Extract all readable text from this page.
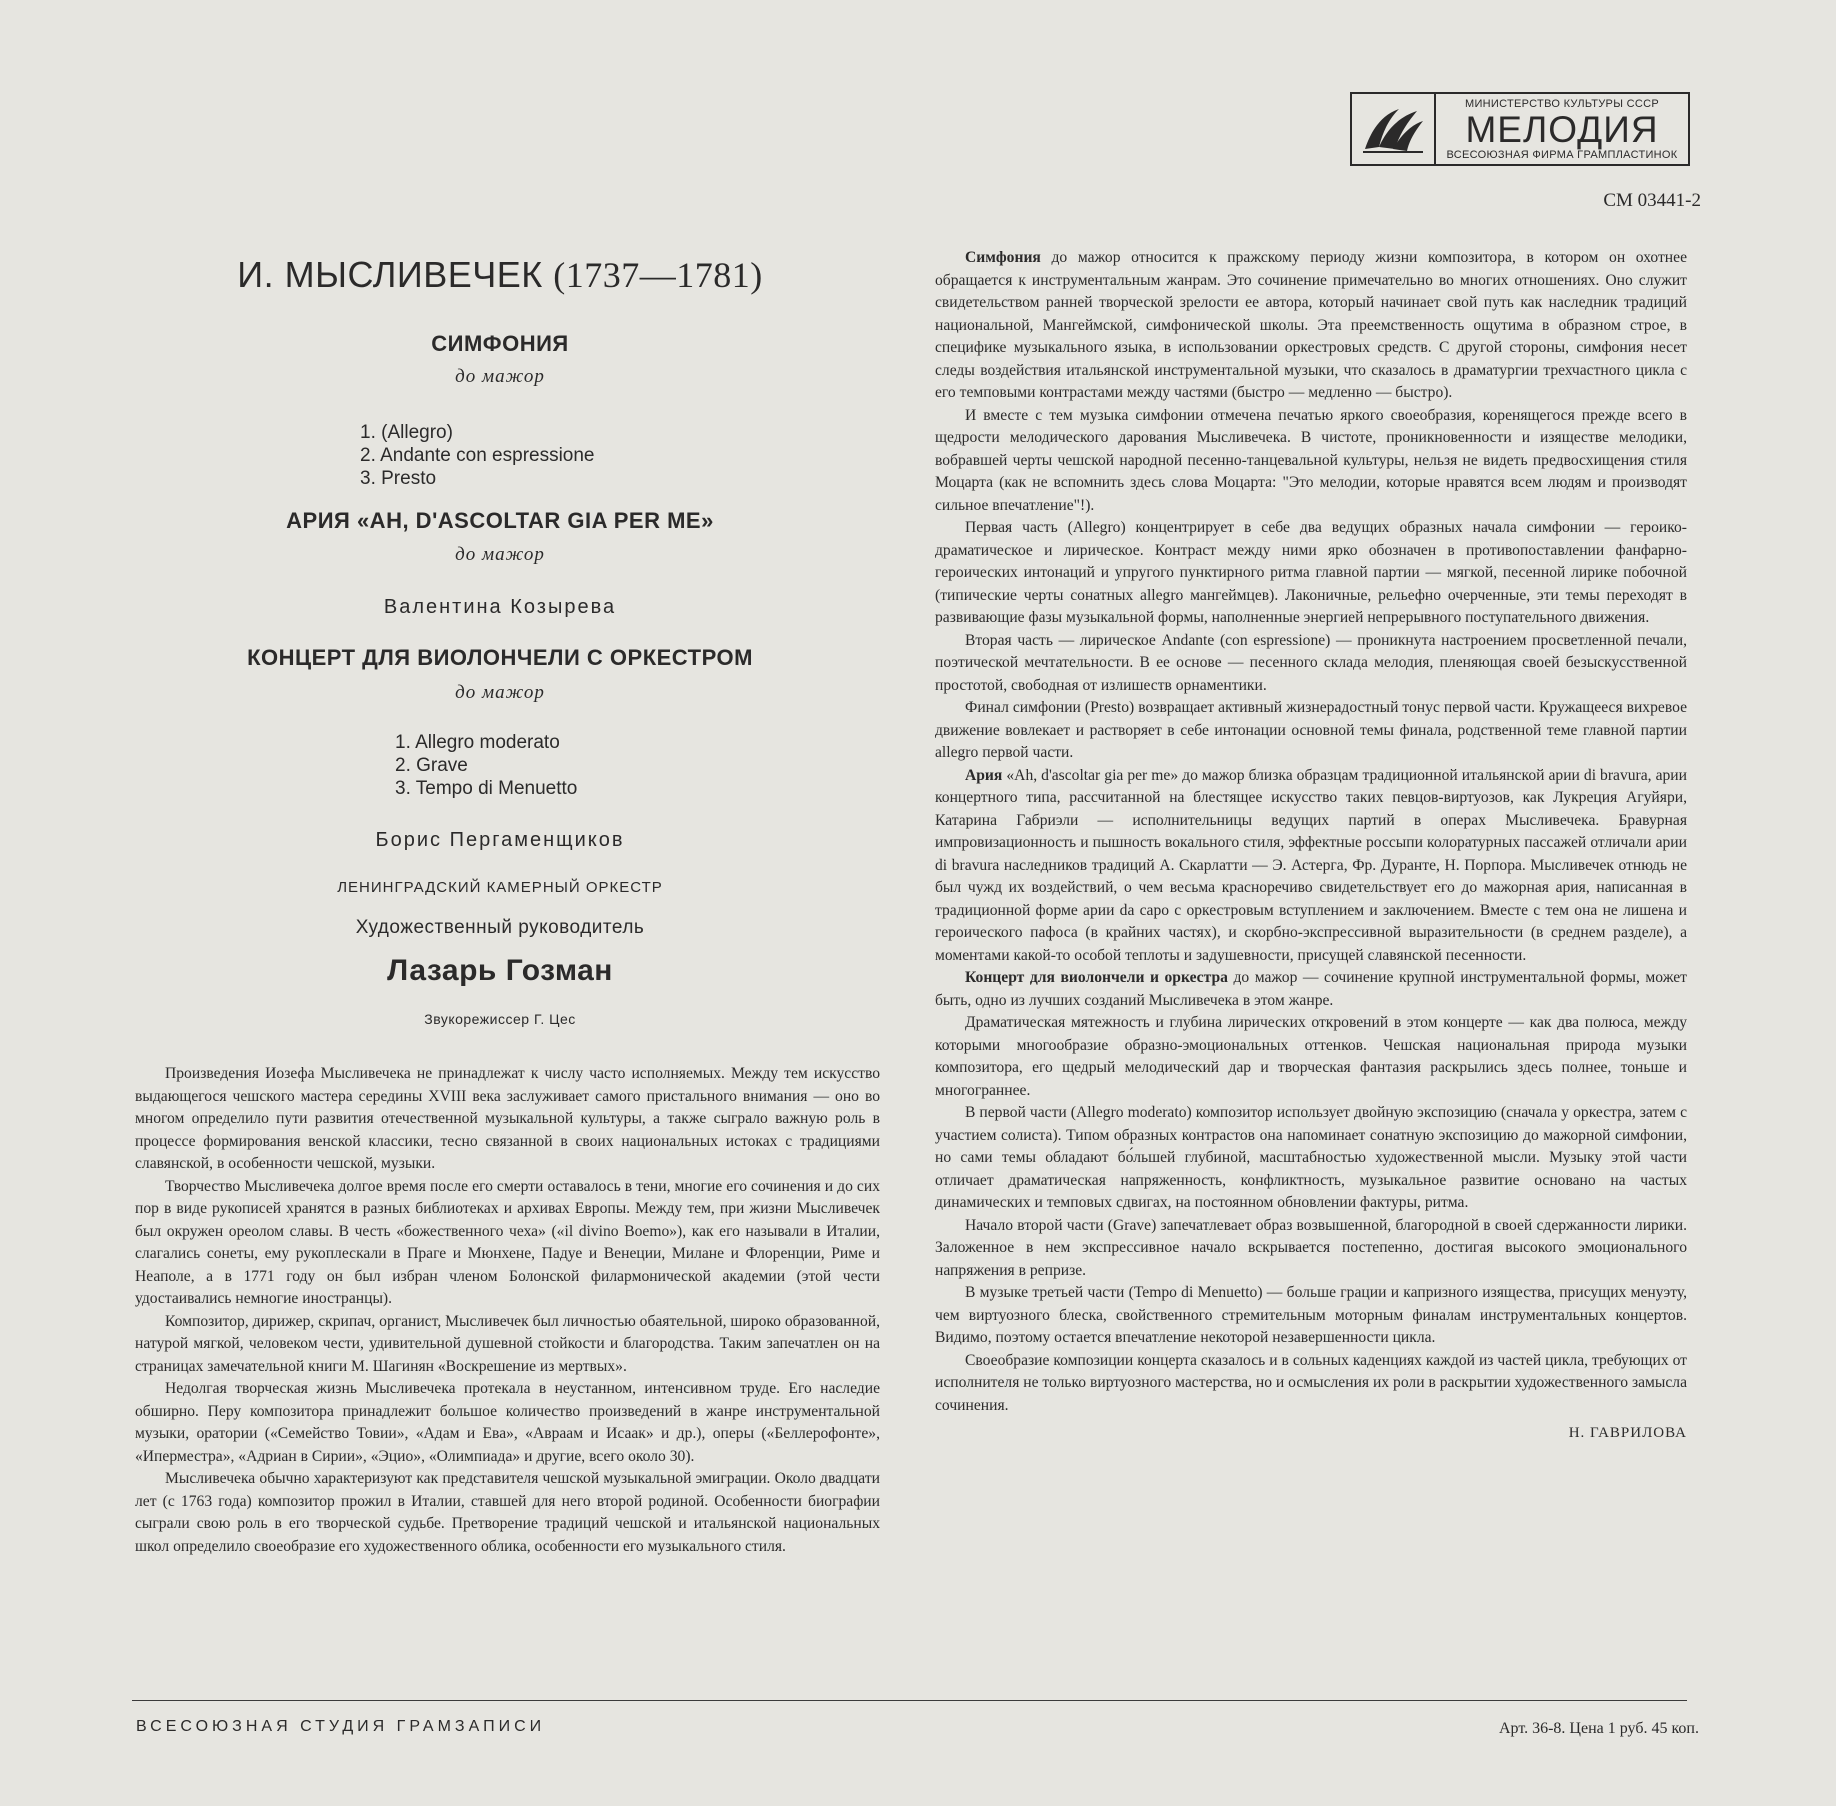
МИНИСТЕРСТВО КУЛЬТУРЫ СССР
МЕЛОДИЯ
ВСЕСОЮЗНАЯ ФИРМА ГРАМПЛАСТИНОК
СМ 03441-2
И. МЫСЛИВЕЧЕК (1737—1781)
СИМФОНИЯ
до мажор
1. (Allegro)
2. Andante con espressione
3. Presto
АРИЯ «AH, D'ASCOLTAR GIA PER ME»
до мажор
Валентина Козырева
КОНЦЕРТ ДЛЯ ВИОЛОНЧЕЛИ С ОРКЕСТРОМ
до мажор
1. Allegro moderato
2. Grave
3. Tempo di Menuetto
Борис Пергаменщиков
ЛЕНИНГРАДСКИЙ КАМЕРНЫЙ ОРКЕСТР
Художественный руководитель
Лазарь Гозман
Звукорежиссер Г. Цес

Произведения Иозефа Мысливечека не принадлежат к числу часто исполняемых. Между тем искусство выдающегося чешского мастера середины XVIII века заслуживает самого пристального внимания — оно во многом определило пути развития отечественной музыкальной культуры, а также сыграло важную роль в процессе формирования венской классики, тесно связанной в своих национальных истоках с традициями славянской, в особенности чешской, музыки.

Творчество Мысливечека долгое время после его смерти оставалось в тени, многие его сочинения и до сих пор в виде рукописей хранятся в разных библиотеках и архивах Европы. Между тем, при жизни Мысливечек был окружен ореолом славы. В честь «божественного чеха» («il divino Boemo»), как его называли в Италии, слагались сонеты, ему рукоплескали в Праге и Мюнхене, Падуе и Венеции, Милане и Флоренции, Риме и Неаполе, а в 1771 году он был избран членом Болонской филармонической академии (этой чести удостаивались немногие иностранцы).

Композитор, дирижер, скрипач, органист, Мысливечек был личностью обаятельной, широко образованной, натурой мягкой, человеком чести, удивительной душевной стойкости и благородства. Таким запечатлен он на страницах замечательной книги М. Шагинян «Воскрешение из мертвых».

Недолгая творческая жизнь Мысливечека протекала в неустанном, интенсивном труде. Его наследие обширно. Перу композитора принадлежит большое количество произведений в жанре инструментальной музыки, оратории («Семейство Товии», «Адам и Ева», «Авраам и Исаак» и др.), оперы («Беллерофонте», «Иперместра», «Адриан в Сирии», «Эцио», «Олимпиада» и другие, всего около 30).

Мысливечека обычно характеризуют как представителя чешской музыкальной эмиграции. Около двадцати лет (с 1763 года) композитор прожил в Италии, ставшей для него второй родиной. Особенности биографии сыграли свою роль в его творческой судьбе. Претворение традиций чешской и итальянской национальных школ определило своеобразие его художественного облика, особенности его музыкального стиля.

Симфония до мажор относится к пражскому периоду жизни композитора, в котором он охотнее обращается к инструментальным жанрам. Это сочинение примечательно во многих отношениях. Оно служит свидетельством ранней творческой зрелости ее автора, который начинает свой путь как наследник традиций национальной, Мангеймской, симфонической школы. Эта преемственность ощутима в образном строе, в специфике музыкального языка, в использовании оркестровых средств. С другой стороны, симфония несет следы воздействия итальянской инструментальной музыки, что сказалось в драматургии трехчастного цикла с его темповыми контрастами между частями (быстро — медленно — быстро).

И вместе с тем музыка симфонии отмечена печатью яркого своеобразия, коренящегося прежде всего в щедрости мелодического дарования Мысливечека. В чистоте, проникновенности и изяществе мелодики, вобравшей черты чешской народной песенно-танцевальной культуры, нельзя не видеть предвосхищения стиля Моцарта (как не вспомнить здесь слова Моцарта: "Это мелодии, которые нравятся всем людям и производят сильное впечатление"!).

Первая часть (Allegro) концентрирует в себе два ведущих образных начала симфонии — героико-драматическое и лирическое. Контраст между ними ярко обозначен в противопоставлении фанфарно-героических интонаций и упругого пунктирного ритма главной партии — мягкой, песенной лирике побочной (типические черты сонатных allegro мангеймцев). Лаконичные, рельефно очерченные, эти темы переходят в развивающие фазы музыкальной формы, наполненные энергией непрерывного поступательного движения.

Вторая часть — лирическое Andante (con espressione) — проникнута настроением просветленной печали, поэтической мечтательности. В ее основе — песенного склада мелодия, пленяющая своей безыскусственной простотой, свободная от излишеств орнаментики.

Финал симфонии (Presto) возвращает активный жизнерадостный тонус первой части. Кружащееся вихревое движение вовлекает и растворяет в себе интонации основной темы финала, родственной теме главной партии allegro первой части.

Ария «Ah, d'ascoltar gia per me» до мажор близка образцам традиционной итальянской арии di bravura, арии концертного типа, рассчитанной на блестящее искусство таких певцов-виртуозов, как Лукреция Агуйяри, Катарина Габриэли — исполнительницы ведущих партий в операх Мысливечека. Бравурная импровизационность и пышность вокального стиля, эффектные россыпи колоратурных пассажей отличали арии di bravura наследников традиций А. Скарлатти — Э. Астерга, Фр. Дуранте, Н. Порпора. Мысливечек отнюдь не был чужд их воздействий, о чем весьма красноречиво свидетельствует его до мажорная ария, написанная в традиционной форме арии da capo с оркестровым вступлением и заключением. Вместе с тем она не лишена и героического пафоса (в крайних частях), и скорбно-экспрессивной выразительности (в среднем разделе), а моментами какой-то особой теплоты и задушевности, присущей славянской песенности.

Концерт для виолончели и оркестра до мажор — сочинение крупной инструментальной формы, может быть, одно из лучших созданий Мысливечека в этом жанре.

Драматическая мятежность и глубина лирических откровений в этом концерте — как два полюса, между которыми многообразие образно-эмоциональных оттенков. Чешская национальная природа музыки композитора, его щедрый мелодический дар и творческая фантазия раскрылись здесь полнее, тоньше и многограннее.

В первой части (Allegro moderato) композитор использует двойную экспозицию (сначала у оркестра, затем с участием солиста). Типом образных контрастов она напоминает сонатную экспозицию до мажорной симфонии, но сами темы обладают бо́льшей глубиной, масштабностью художественной мысли. Музыку этой части отличает драматическая напряженность, конфликтность, музыкальное развитие основано на частых динамических и темповых сдвигах, на постоянном обновлении фактуры, ритма.

Начало второй части (Grave) запечатлевает образ возвышенной, благородной в своей сдержанности лирики. Заложенное в нем экспрессивное начало вскрывается постепенно, достигая высокого эмоционального напряжения в репризе.

В музыке третьей части (Tempo di Menuetto) — больше грации и капризного изящества, присущих менуэту, чем виртуозного блеска, свойственного стремительным моторным финалам инструментальных концертов. Видимо, поэтому остается впечатление некоторой незавершенности цикла.

Своеобразие композиции концерта сказалось и в сольных каденциях каждой из частей цикла, требующих от исполнителя не только виртуозного мастерства, но и осмысления их роли в раскрытии художественного замысла сочинения.

Н. ГАВРИЛОВА
ВСЕСОЮЗНАЯ СТУДИЯ ГРАМЗАПИСИ	Арт. 36-8. Цена 1 руб. 45 коп.
